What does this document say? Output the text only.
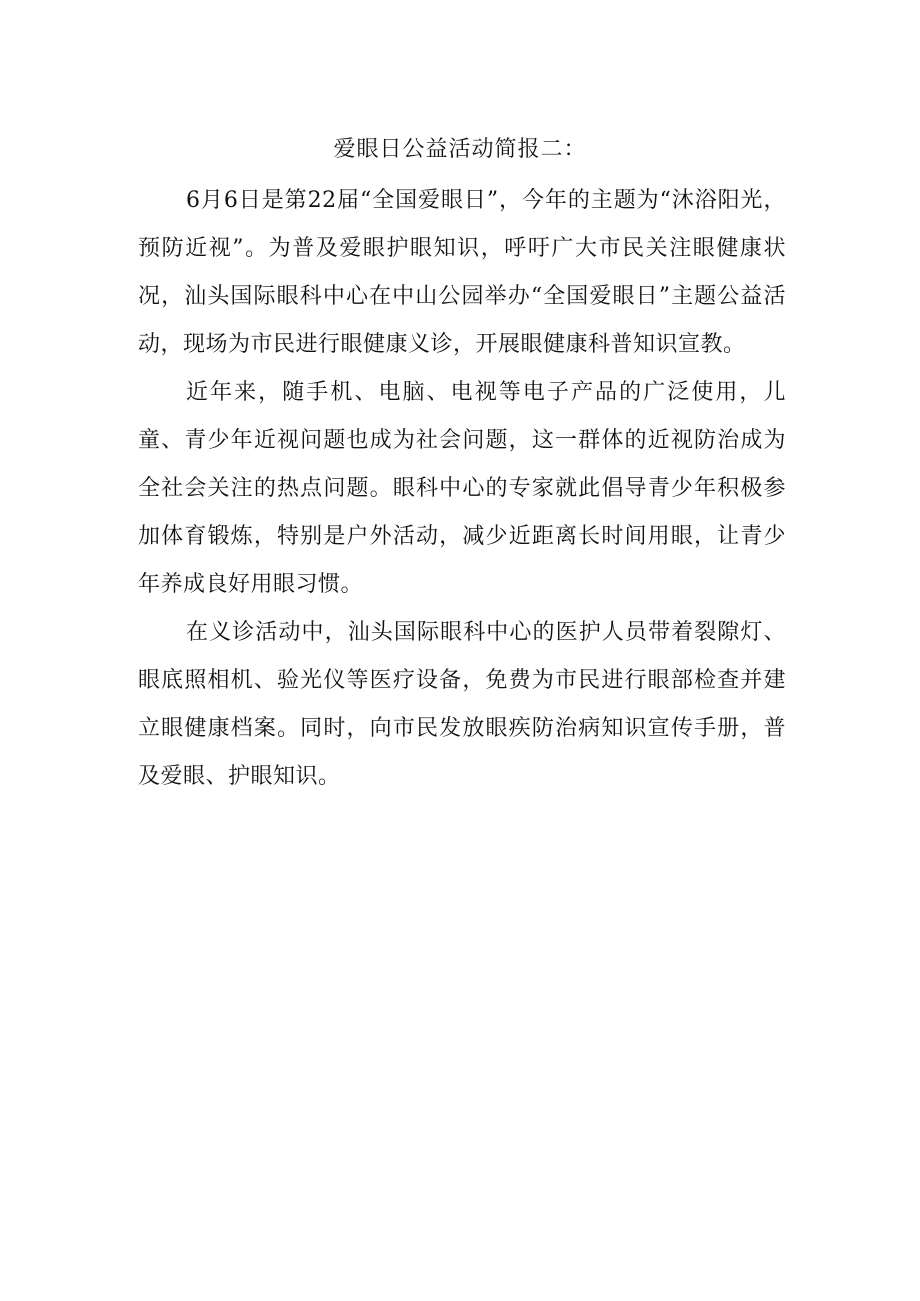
爱眼日公益活动简报二：

6月6日是第22届“全国爱眼日”，今年的主题为“沐浴阳光，预防近视”。为普及爱眼护眼知识，呼吁广大市民关注眼健康状况，汕头国际眼科中心在中山公园举办“全国爱眼日”主题公益活动，现场为市民进行眼健康义诊，开展眼健康科普知识宣教。

近年来，随手机、电脑、电视等电子产品的广泛使用，儿童、青少年近视问题也成为社会问题，这一群体的近视防治成为全社会关注的热点问题。眼科中心的专家就此倡导青少年积极参加体育锻炼，特别是户外活动，减少近距离长时间用眼，让青少年养成良好用眼习惯。

在义诊活动中，汕头国际眼科中心的医护人员带着裂隙灯、眼底照相机、验光仪等医疗设备，免费为市民进行眼部检查并建立眼健康档案。同时，向市民发放眼疾防治病知识宣传手册，普及爱眼、护眼知识。
